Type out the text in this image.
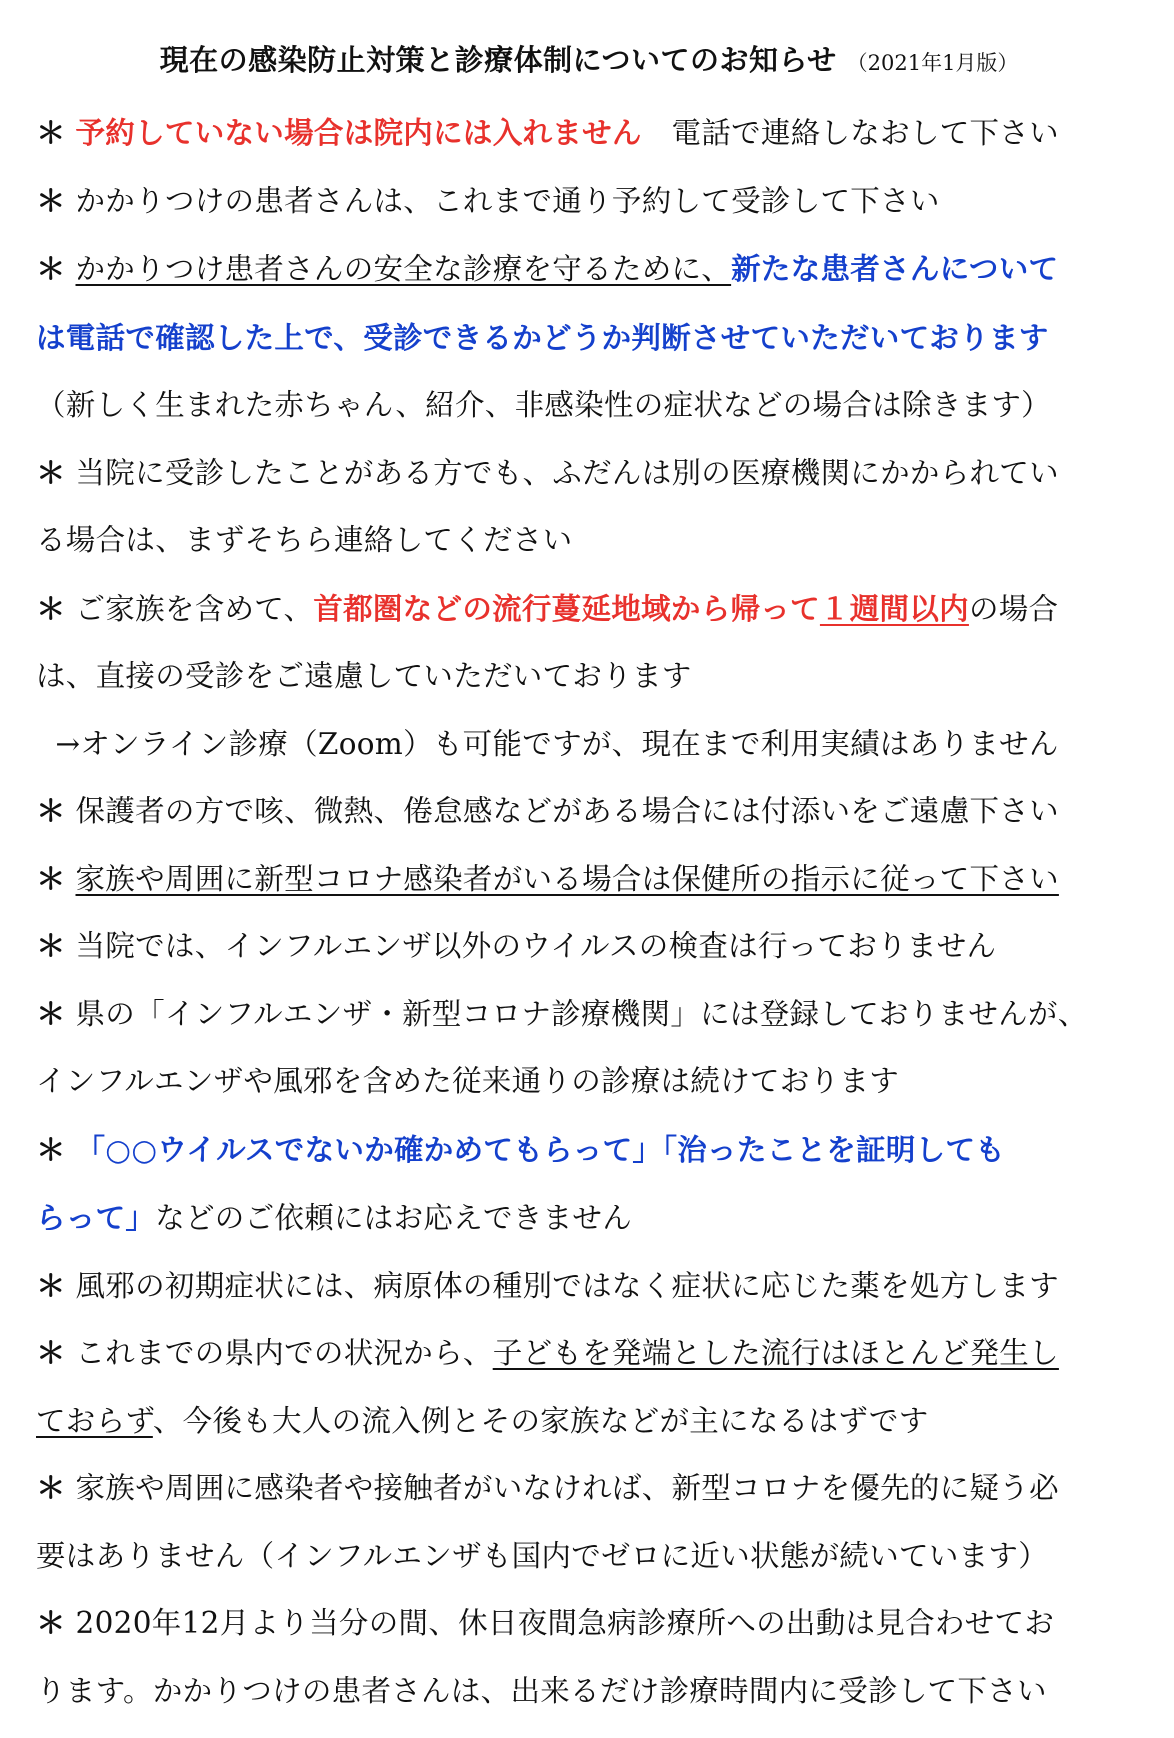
現在の感染防止対策と診療体制についてのお知らせ （2021年1月版）
＊ 予約していない場合は院内には入れません　電話で連絡しなおして下さい
＊ かかりつけの患者さんは、これまで通り予約して受診して下さい
＊ かかりつけ患者さんの安全な診療を守るために、新たな患者さんについて
は電話で確認した上で、受診できるかどうか判断させていただいております
（新しく生まれた赤ちゃん、紹介、非感染性の症状などの場合は除きます）
＊ 当院に受診したことがある方でも、ふだんは別の医療機関にかかられてい
る場合は、まずそちら連絡してください
＊ ご家族を含めて、首都圏などの流行蔓延地域から帰って１週間以内の場合
は、直接の受診をご遠慮していただいております
→オンライン診療（Zoom）も可能ですが、現在まで利用実績はありません
＊ 保護者の方で咳、微熱、倦怠感などがある場合には付添いをご遠慮下さい
＊ 家族や周囲に新型コロナ感染者がいる場合は保健所の指示に従って下さい
＊ 当院では、インフルエンザ以外のウイルスの検査は行っておりません
＊ 県の「インフルエンザ・新型コロナ診療機関」には登録しておりませんが、
インフルエンザや風邪を含めた従来通りの診療は続けております
＊ 「○○ウイルスでないか確かめてもらって」「治ったことを証明しても
らって」などのご依頼にはお応えできません
＊ 風邪の初期症状には、病原体の種別ではなく症状に応じた薬を処方します
＊ これまでの県内での状況から、子どもを発端とした流行はほとんど発生し
ておらず、今後も大人の流入例とその家族などが主になるはずです
＊ 家族や周囲に感染者や接触者がいなければ、新型コロナを優先的に疑う必
要はありません（インフルエンザも国内でゼロに近い状態が続いています）
＊ 2020年12月より当分の間、休日夜間急病診療所への出動は見合わせてお
ります。かかりつけの患者さんは、出来るだけ診療時間内に受診して下さい
